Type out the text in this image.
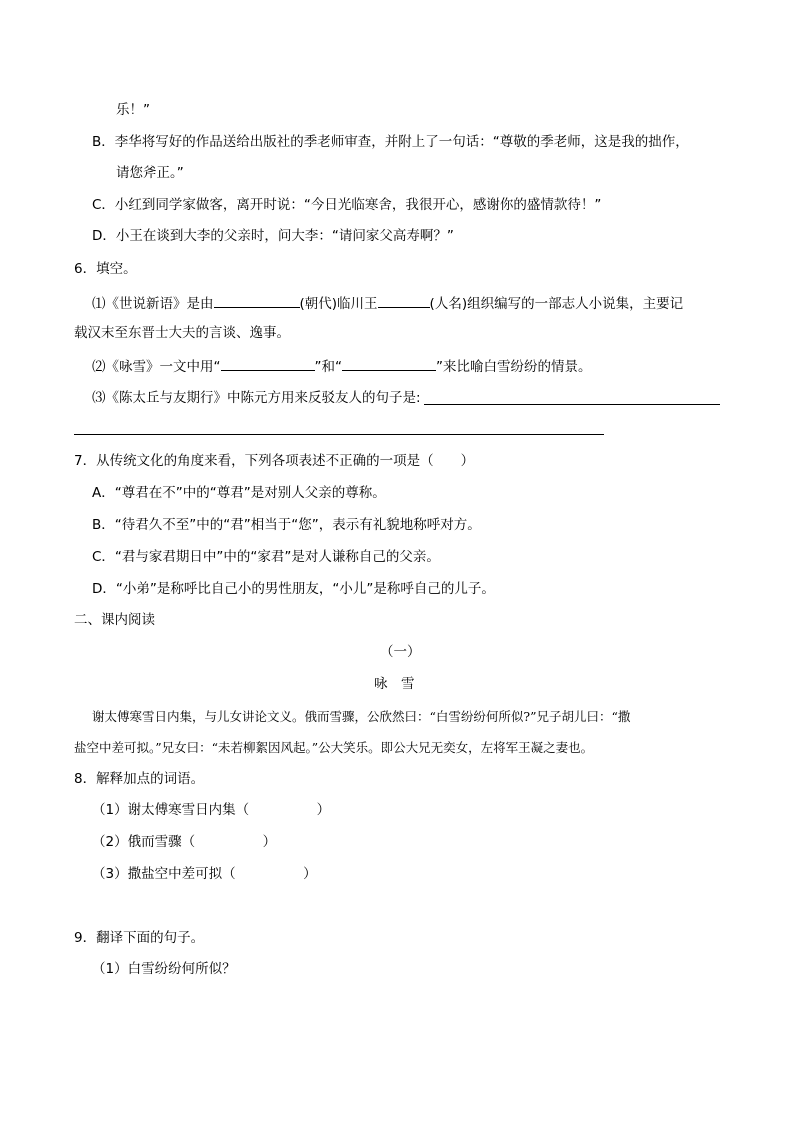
乐！”
B．李华将写好的作品送给出版社的季老师审查，并附上了一句话：“尊敬的季老师，这是我的拙作，
请您斧正。”
C．小红到同学家做客，离开时说：“今日光临寒舍，我很开心，感谢你的盛情款待！”
D．小王在谈到大李的父亲时，问大李：“请问家父高寿啊？”
6．填空。
⑴《世说新语》是由	(朝代)临川王	(人名)组织编写的一部志人小说集，主要记
载汉末至东晋士大夫的言谈、逸事。
⑵《咏雪》一文中用“	”和“	”来比喻白雪纷纷的情景。
⑶《陈太丘与友期行》中陈元方用来反驳友人的句子是:
7．从传统文化的角度来看，下列各项表述不正确的一项是（　　）
A．“尊君在不”中的“尊君”是对别人父亲的尊称。
B．“待君久不至”中的“君”相当于“您”，表示有礼貌地称呼对方。
C．“君与家君期日中”中的“家君”是对人谦称自己的父亲。
D．“小弟”是称呼比自己小的男性朋友，“小儿”是称呼自己的儿子。
二、课内阅读
（一）
咏　雪
谢太傅寒雪日内集，与儿女讲论文义。俄而雪骤，公欣然曰：“白雪纷纷何所似?”兄子胡儿曰：“撒
盐空中差可拟。”兄女曰：“未若柳絮因风起。”公大笑乐。即公大兄无奕女，左将军王凝之妻也。
8．解释加点的词语。
（1）谢太傅寒雪日内集（　　　　　）
（2）俄而雪骤（　　　　　）
（3）撒盐空中差可拟（　　　　　）
9．翻译下面的句子。
（1）白雪纷纷何所似？
